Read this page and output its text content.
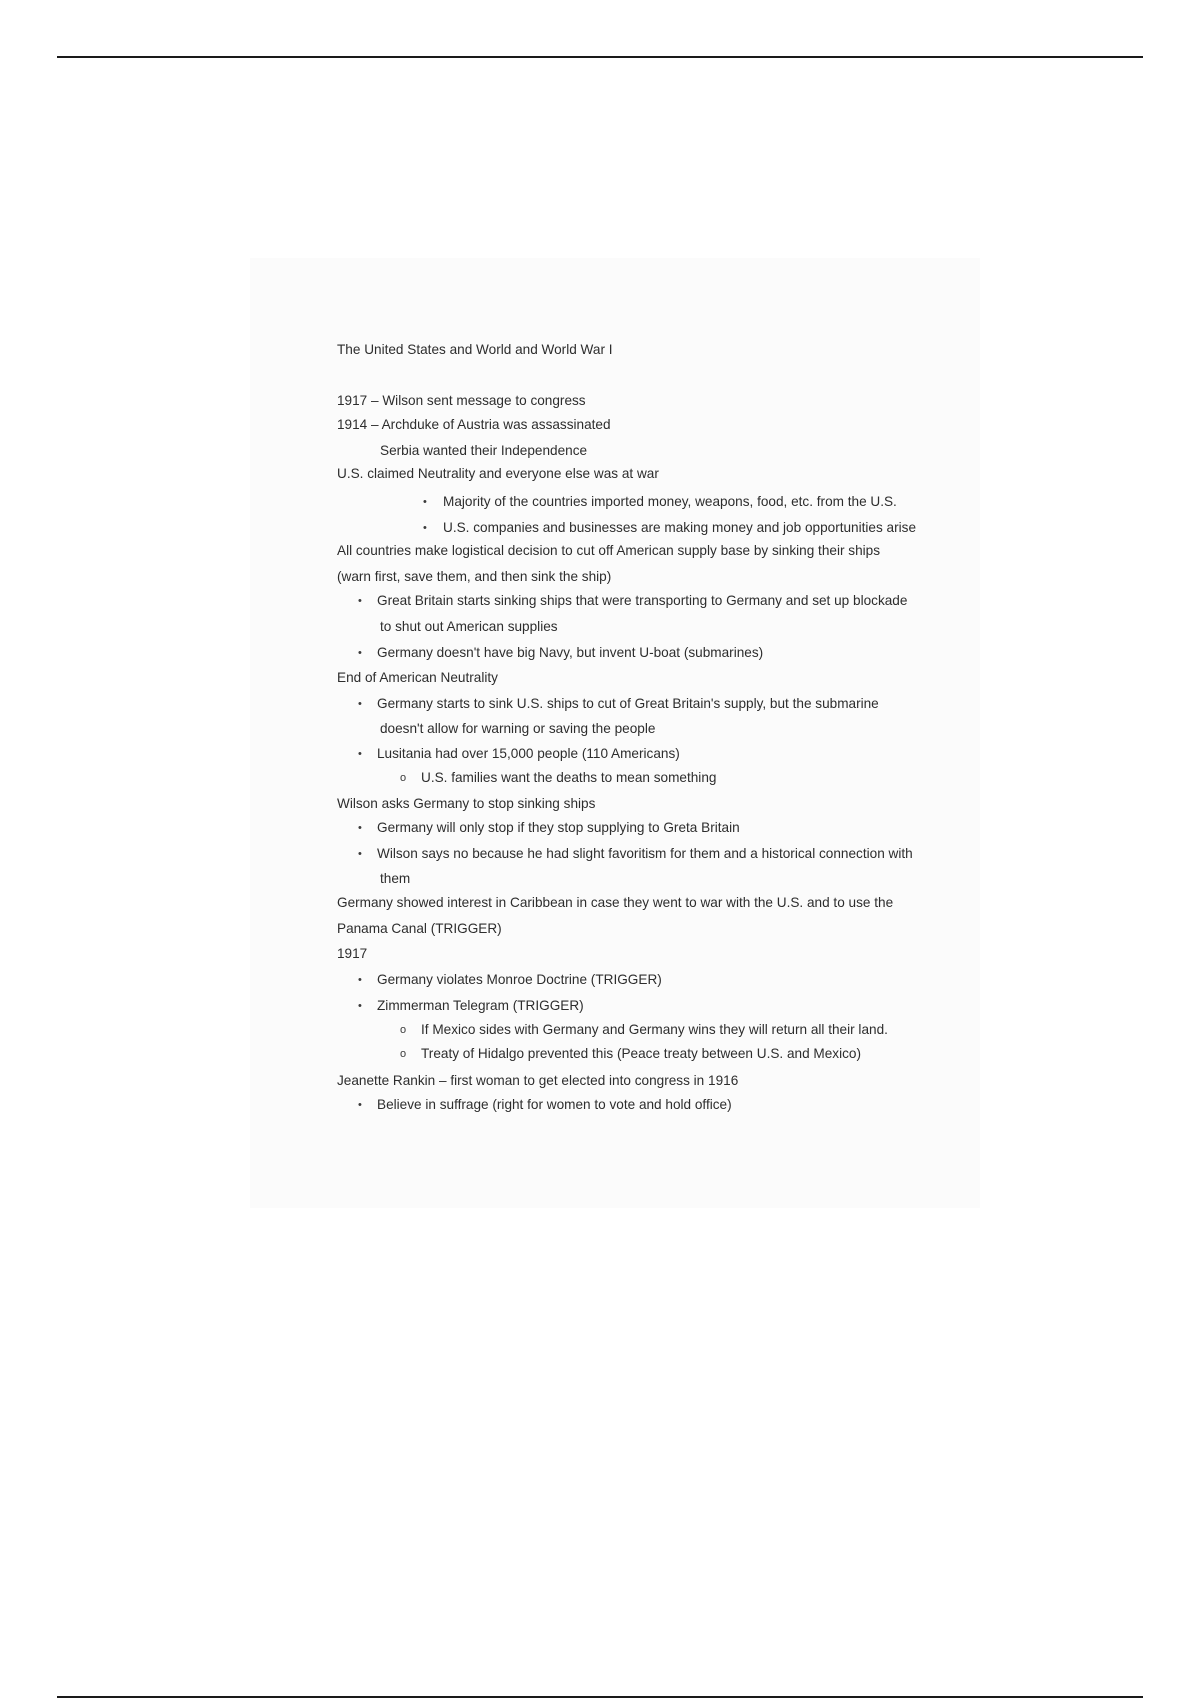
The United States and World and World War I
1917 – Wilson sent message to congress
1914 – Archduke of Austria was assassinated
Serbia wanted their Independence
U.S. claimed Neutrality and everyone else was at war
• Majority of the countries imported money, weapons, food, etc. from the U.S.
• U.S. companies and businesses are making money and job opportunities arise
All countries make logistical decision to cut off American supply base by sinking their ships
(warn first, save them, and then sink the ship)
• Great Britain starts sinking ships that were transporting to Germany and set up blockade
to shut out American supplies
• Germany doesn't have big Navy, but invent U-boat (submarines)
End of American Neutrality
• Germany starts to sink U.S. ships to cut of Great Britain's supply, but the submarine
doesn't allow for warning or saving the people
• Lusitania had over 15,000 people (110 Americans)
o U.S. families want the deaths to mean something
Wilson asks Germany to stop sinking ships
• Germany will only stop if they stop supplying to Greta Britain
• Wilson says no because he had slight favoritism for them and a historical connection with
them
Germany showed interest in Caribbean in case they went to war with the U.S. and to use the
Panama Canal (TRIGGER)
1917
• Germany violates Monroe Doctrine (TRIGGER)
• Zimmerman Telegram (TRIGGER)
o If Mexico sides with Germany and Germany wins they will return all their land.
o Treaty of Hidalgo prevented this (Peace treaty between U.S. and Mexico)
Jeanette Rankin – first woman to get elected into congress in 1916
• Believe in suffrage (right for women to vote and hold office)
